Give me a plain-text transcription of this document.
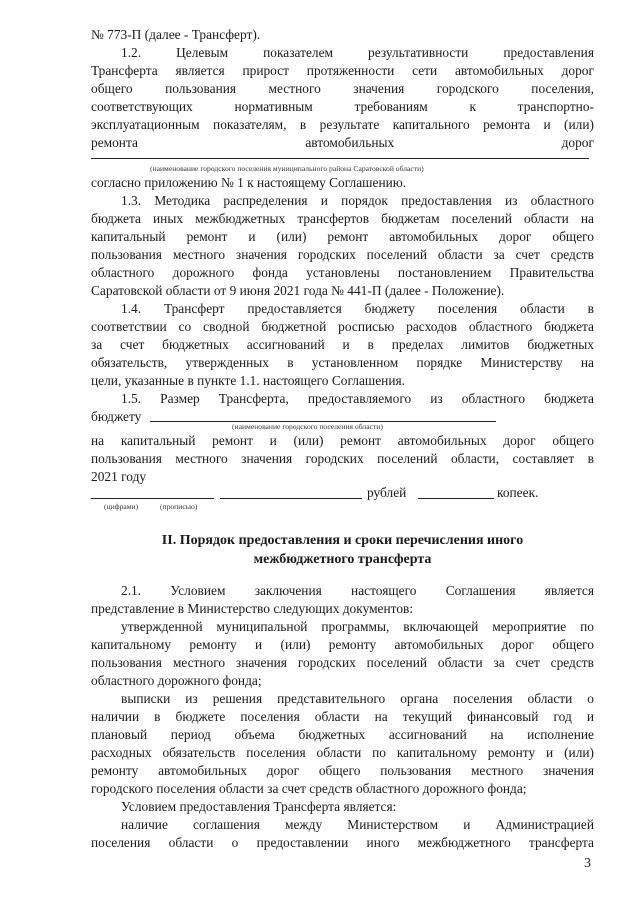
№ 773-П (далее - Трансферт).
1.2. Целевым показателем результативности предоставления
Трансферта является прирост протяженности сети автомобильных дорог
общего пользования местного значения городского поселения,
соответствующих нормативным требованиям к транспортно-
эксплуатационным показателям, в результате капитального ремонта и (или)
ремонта автомобильных дорог
(наименование городского поселения муниципального района Саратовской области)
согласно приложению № 1 к настоящему Соглашению.
1.3. Методика распределения и порядок предоставления из областного
бюджета иных межбюджетных трансфертов бюджетам поселений области на
капитальный ремонт и (или) ремонт автомобильных дорог общего
пользования местного значения городских поселений области за счет средств
областного дорожного фонда установлены постановлением Правительства
Саратовской области от 9 июня 2021 года № 441-П (далее - Положение).
1.4. Трансферт предоставляется бюджету поселения области в
соответствии со сводной бюджетной росписью расходов областного бюджета
за счет бюджетных ассигнований и в пределах лимитов бюджетных
обязательств, утвержденных в установленном порядке Министерству на
цели, указанные в пункте 1.1. настоящего Соглашения.
1.5. Размер Трансферта, предоставляемого из областного бюджета
бюджету
(наименование городского поселения области)
на капитальный ремонт и (или) ремонт автомобильных дорог общего
пользования местного значения городских поселений области, составляет в
2021 году
рублей	копеек.
(цифрами)	(прописью)
II. Порядок предоставления и сроки перечисления иного
межбюджетного трансферта
2.1. Условием заключения настоящего Соглашения является
представление в Министерство следующих документов:
утвержденной муниципальной программы, включающей мероприятие по
капитальному ремонту и (или) ремонту автомобильных дорог общего
пользования местного значения городских поселений области за счет средств
областного дорожного фонда;
выписки из решения представительного органа поселения области о
наличии в бюджете поселения области на текущий финансовый год и
плановый период объема бюджетных ассигнований на исполнение
расходных обязательств поселения области по капитальному ремонту и (или)
ремонту автомобильных дорог общего пользования местного значения
городского поселения области за счет средств областного дорожного фонда;
Условием предоставления Трансферта является:
наличие соглашения между Министерством и Администрацией
поселения области о предоставлении иного межбюджетного трансферта
3
